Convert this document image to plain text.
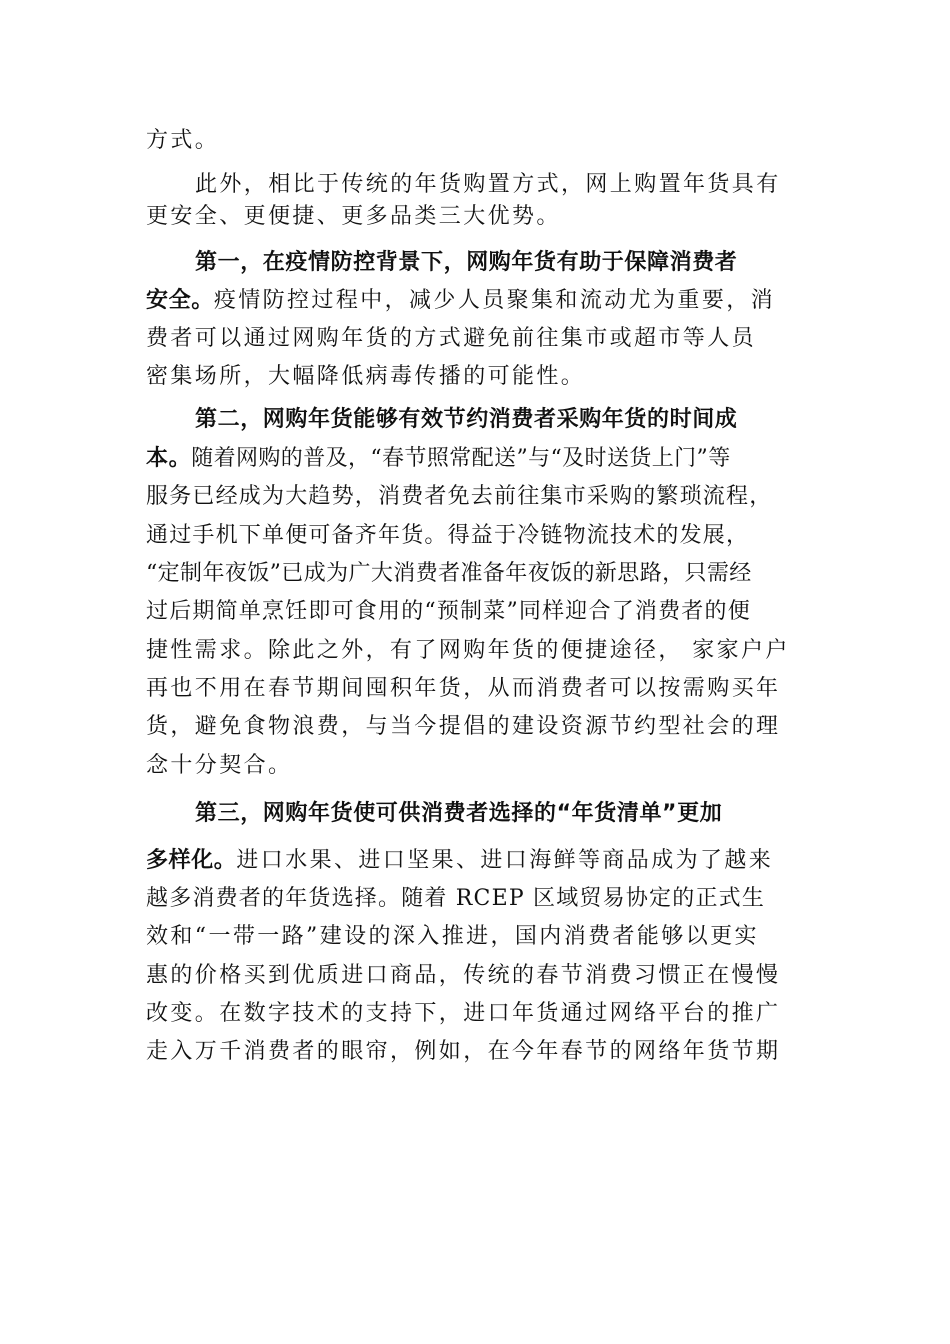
方式。
此外，相比于传统的年货购置方式，网上购置年货具有
更安全、更便捷、更多品类三大优势。
第一，在疫情防控背景下，网购年货有助于保障消费者
安全。疫情防控过程中，减少人员聚集和流动尤为重要，消
费者可以通过网购年货的方式避免前往集市或超市等人员
密集场所，大幅降低病毒传播的可能性。
第二，网购年货能够有效节约消费者采购年货的时间成
本。随着网购的普及，“春节照常配送”与“及时送货上门”等
服务已经成为大趋势，消费者免去前往集市采购的繁琐流程，
通过手机下单便可备齐年货。得益于冷链物流技术的发展，
“定制年夜饭”已成为广大消费者准备年夜饭的新思路，只需经
过后期简单烹饪即可食用的“预制菜”同样迎合了消费者的便
捷性需求。除此之外，有了网购年货的便捷途径， 家家户户
再也不用在春节期间囤积年货，从而消费者可以按需购买年
货，避免食物浪费，与当今提倡的建设资源节约型社会的理
念十分契合。
第三，网购年货使可供消费者选择的“年货清单”更加
多样化。进口水果、进口坚果、进口海鲜等商品成为了越来
越多消费者的年货选择。随着 RCEP 区域贸易协定的正式生
效和“一带一路”建设的深入推进，国内消费者能够以更实
惠的价格买到优质进口商品，传统的春节消费习惯正在慢慢
改变。在数字技术的支持下，进口年货通过网络平台的推广
走入万千消费者的眼帘，例如，在今年春节的网络年货节期
